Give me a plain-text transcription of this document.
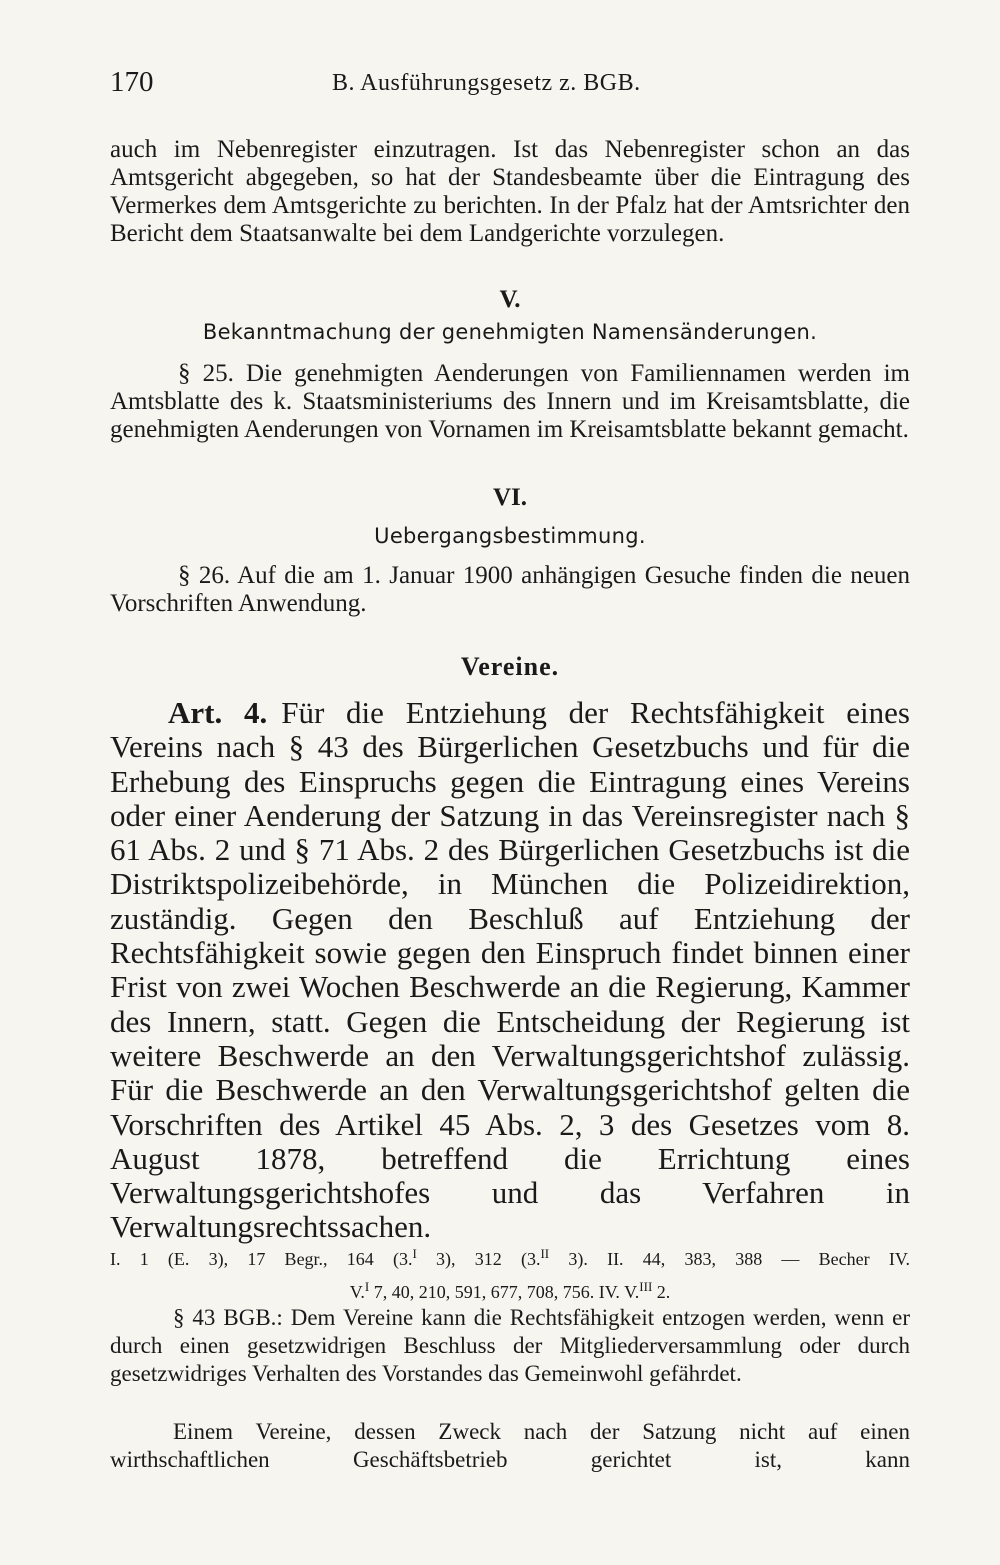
170	B. Ausführungsgesetz z. BGB.

auch im Nebenregister einzutragen. Ist das Nebenregister schon an das Amtsgericht abgegeben, so hat der Standesbeamte über die Eintragung des Vermerkes dem Amtsgerichte zu berichten. In der Pfalz hat der Amtsrichter den Bericht dem Staatsanwalte bei dem Landgerichte vorzulegen.

V.
Bekanntmachung der genehmigten Namensänderungen.

§ 25. Die genehmigten Aenderungen von Familiennamen werden im Amtsblatte des k. Staatsministeriums des Innern und im Kreisamtsblatte, die genehmigten Aenderungen von Vornamen im Kreisamtsblatte bekannt gemacht.

VI.
Uebergangsbestimmung.

§ 26. Auf die am 1. Januar 1900 anhängigen Gesuche finden die neuen Vorschriften Anwendung.

Vereine.

Art. 4. Für die Entziehung der Rechtsfähigkeit eines Vereins nach § 43 des Bürgerlichen Gesetzbuchs und für die Erhebung des Einspruchs gegen die Eintragung eines Vereins oder einer Aenderung der Satzung in das Vereinsregister nach § 61 Abs. 2 und § 71 Abs. 2 des Bürgerlichen Gesetzbuchs ist die Distriktspolizeibehörde, in München die Polizeidirektion, zuständig. Gegen den Beschluß auf Entziehung der Rechtsfähigkeit sowie gegen den Einspruch findet binnen einer Frist von zwei Wochen Beschwerde an die Regierung, Kammer des Innern, statt. Gegen die Entscheidung der Regierung ist weitere Beschwerde an den Verwaltungsgerichtshof zulässig. Für die Beschwerde an den Verwaltungsgerichtshof gelten die Vorschriften des Artikel 45 Abs. 2, 3 des Gesetzes vom 8. August 1878, betreffend die Errichtung eines Verwaltungsgerichtshofes und das Verfahren in Verwaltungsrechtssachen.

I. 1 (E. 3), 17 Begr., 164 (3.$^I$ 3), 312 (3.$^{II}$ 3). II. 44, 383, 388 — Becher IV.

V.$^I$ 7, 40, 210, 591, 677, 708, 756. IV. V.$^{III}$ 2.

§ 43 BGB.: Dem Vereine kann die Rechtsfähigkeit entzogen werden, wenn er durch einen gesetzwidrigen Beschluss der Mitgliederversammlung oder durch gesetzwidriges Verhalten des Vorstandes das Gemeinwohl gefährdet.

Einem Vereine, dessen Zweck nach der Satzung nicht auf einen wirthschaftlichen Geschäftsbetrieb gerichtet ist, kann
